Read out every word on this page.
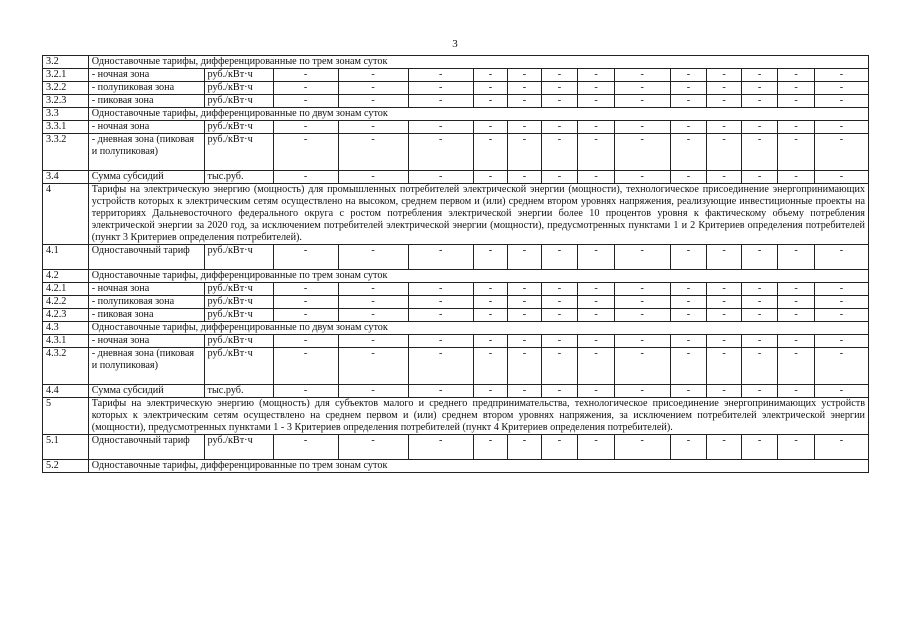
3
3.2	Одноставочные тарифы, дифференцированные по трем зонам суток														
3.2.1	- ночная зона	руб./кВт·ч	-	-	-	-	-	-	-	-	-	-	-	-	-
3.2.2	- полупиковая зона	руб./кВт·ч	-	-	-	-	-	-	-	-	-	-	-	-	-
3.2.3	- пиковая зона	руб./кВт·ч	-	-	-	-	-	-	-	-	-	-	-	-	-
3.3	Одноставочные тарифы, дифференцированные по двум зонам суток														
3.3.1	- ночная зона	руб./кВт·ч	-	-	-	-	-	-	-	-	-	-	-	-	-
3.3.2	- дневная зона (пиковая и полупиковая)	руб./кВт·ч	-	-	-	-	-	-	-	-	-	-	-	-	-
3.4	Сумма субсидий	тыс.руб.	-	-	-	-	-	-	-	-	-	-	-	-	-
4	Тарифы на электрическую энергию (мощность) для промышленных потребителей электрической энергии (мощности), технологическое присоединение энергопринимающих устройств которых к электрическим сетям осуществлено на высоком, среднем первом и (или) среднем втором уровнях напряжения, реализующие инвестиционные проекты на территориях Дальневосточного федерального округа с ростом потребления электрической энергии более 10 процентов уровня к фактическому объему потребления электрической энергии за 2020 год, за исключением потребителей электрической энергии (мощности), предусмотренных пунктами 1 и 2 Критериев определения потребителей (пункт 3 Критериев определения потребителей).														
4.1	Одноставочный тариф	руб./кВт·ч	-	-	-	-	-	-	-	-	-	-	-	-	-
4.2	Одноставочные тарифы, дифференцированные по трем зонам суток														
4.2.1	- ночная зона	руб./кВт·ч	-	-	-	-	-	-	-	-	-	-	-	-	-
4.2.2	- полупиковая зона	руб./кВт·ч	-	-	-	-	-	-	-	-	-	-	-	-	-
4.2.3	- пиковая зона	руб./кВт·ч	-	-	-	-	-	-	-	-	-	-	-	-	-
4.3	Одноставочные тарифы, дифференцированные по двум зонам суток														
4.3.1	- ночная зона	руб./кВт·ч	-	-	-	-	-	-	-	-	-	-	-	-	-
4.3.2	- дневная зона (пиковая и полупиковая)	руб./кВт·ч	-	-	-	-	-	-	-	-	-	-	-	-	-
4.4	Сумма субсидий	тыс.руб.	-	-	-	-	-	-	-	-	-	-	-	-	-
5	Тарифы на электрическую энергию (мощность) для субъектов малого и среднего предпринимательства, технологическое присоединение энергопринимающих устройств которых к электрическим сетям осуществлено на среднем первом и (или) среднем втором уровнях напряжения, за исключением потребителей электрической энергии (мощности), предусмотренных пунктами 1 - 3 Критериев определения потребителей (пункт 4 Критериев определения потребителей).														
5.1	Одноставочный тариф	руб./кВт·ч	-	-	-	-	-	-	-	-	-	-	-	-	-
5.2	Одноставочные тарифы, дифференцированные по трем зонам суток														
